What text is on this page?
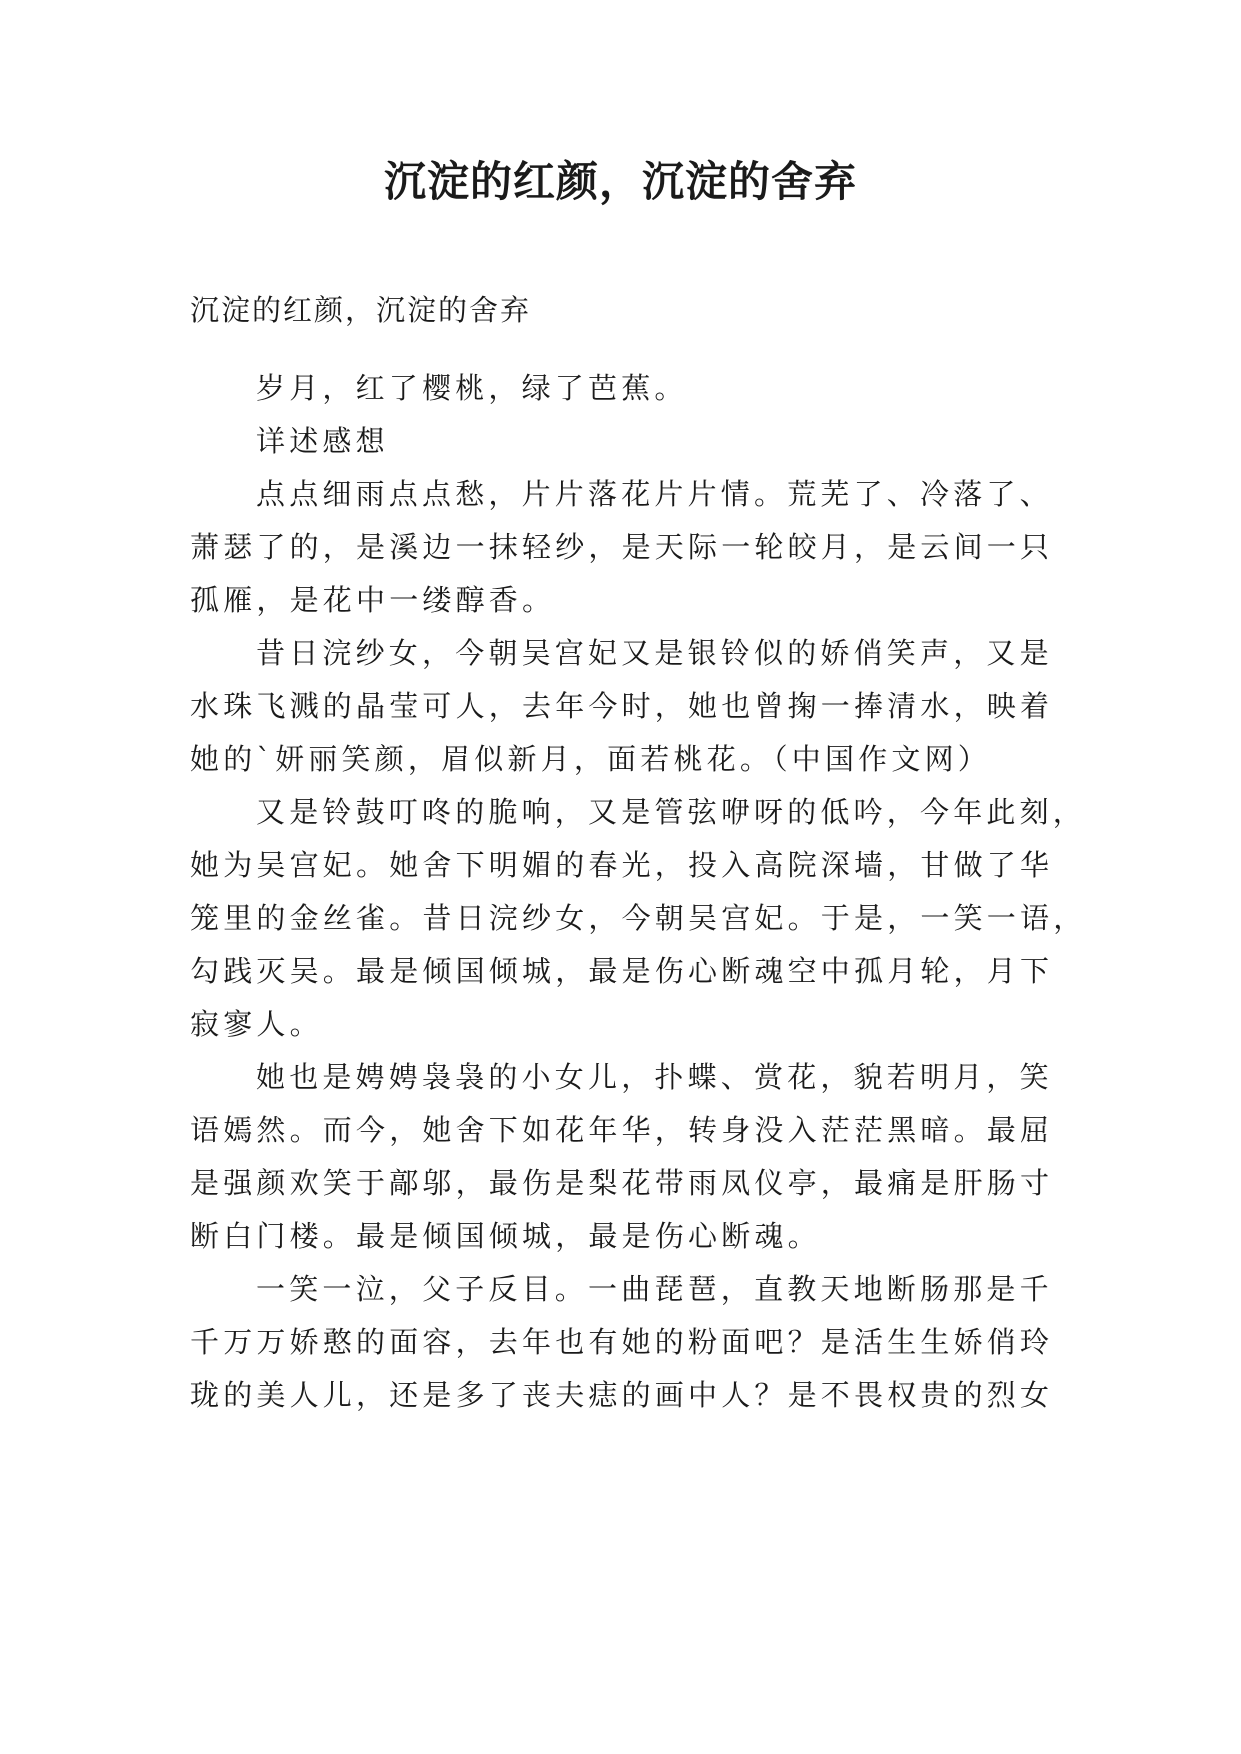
沉淀的红颜，沉淀的舍弃
沉淀的红颜，沉淀的舍弃
岁月，红了樱桃，绿了芭蕉。
详述感想
点点细雨点点愁，片片落花片片情。荒芜了、冷落了、
萧瑟了的，是溪边一抹轻纱，是天际一轮皎月，是云间一只
孤雁，是花中一缕醇香。
昔日浣纱女，今朝吴宫妃又是银铃似的娇俏笑声，又是
水珠飞溅的晶莹可人，去年今时，她也曾掬一捧清水，映着
她的`妍丽笑颜，眉似新月，面若桃花。（中国作文网）
又是铃鼓叮咚的脆响，又是管弦咿呀的低吟，今年此刻，
她为吴宫妃。她舍下明媚的春光，投入高院深墙，甘做了华
笼里的金丝雀。昔日浣纱女，今朝吴宫妃。于是，一笑一语，
勾践灭吴。最是倾国倾城，最是伤心断魂空中孤月轮，月下
寂寥人。
她也是娉娉袅袅的小女儿，扑蝶、赏花，貌若明月，笑
语嫣然。而今，她舍下如花年华，转身没入茫茫黑暗。最屈
是强颜欢笑于鄗邬，最伤是梨花带雨凤仪亭，最痛是肝肠寸
断白门楼。最是倾国倾城，最是伤心断魂。
一笑一泣，父子反目。一曲琵琶，直教天地断肠那是千
千万万娇憨的面容，去年也有她的粉面吧？是活生生娇俏玲
珑的美人儿，还是多了丧夫痣的画中人？是不畏权贵的烈女
